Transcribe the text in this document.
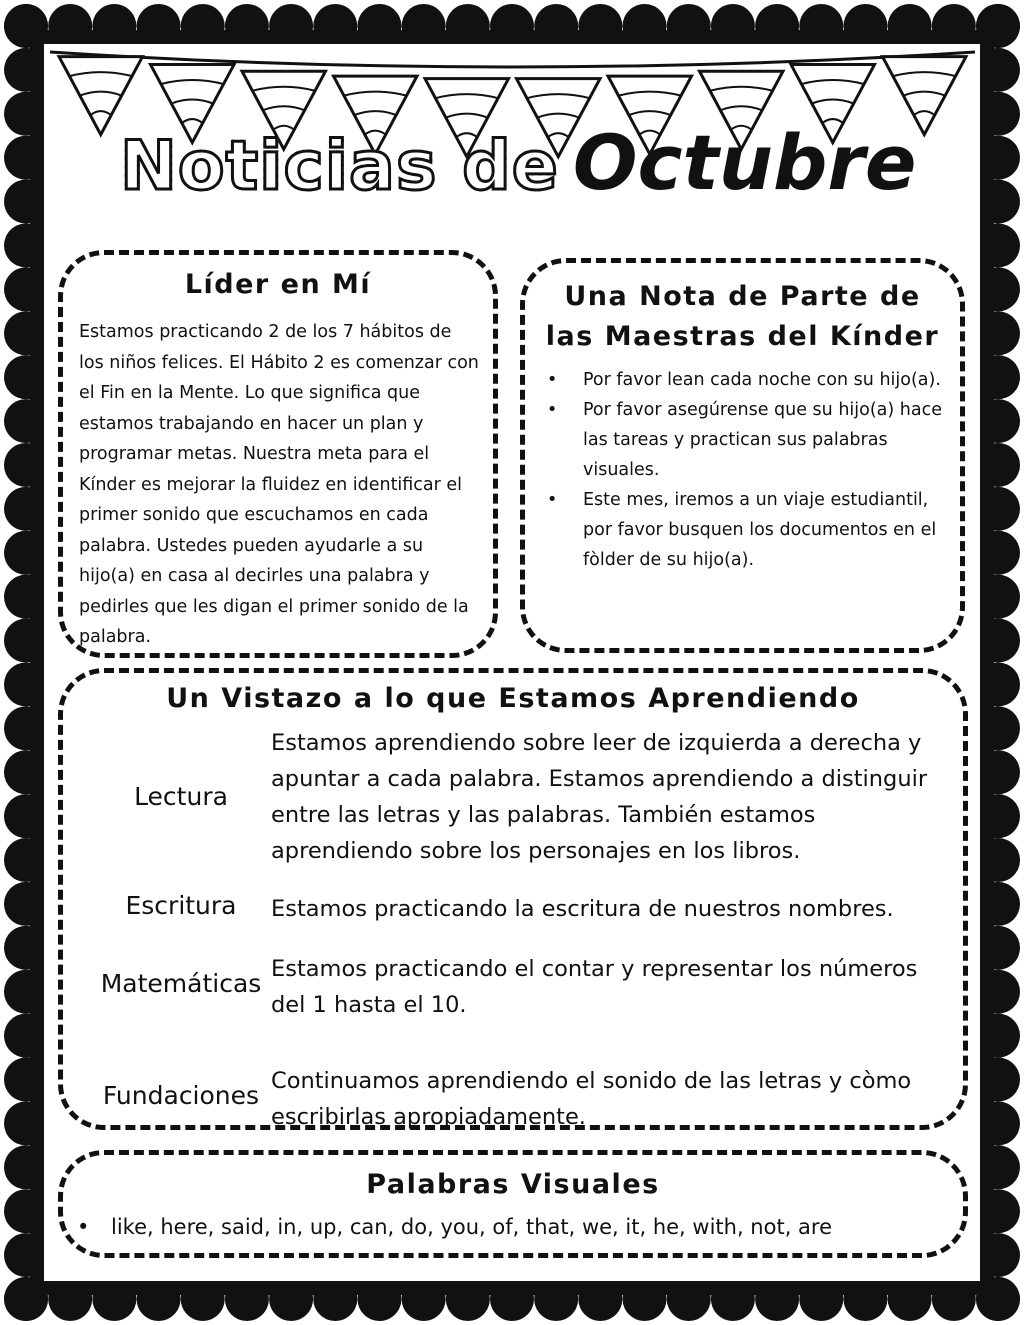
Noticias de Octubre
Líder en Mí
Estamos practicando 2 de los 7 hábitos de los niños felices. El Hábito 2 es comenzar con el Fin en la Mente. Lo que significa que estamos trabajando en hacer un plan y programar metas. Nuestra meta para el Kínder es mejorar la fluidez en identificar el primer sonido que escuchamos en cada palabra. Ustedes pueden ayudarle a su hijo(a) en casa al decirles una palabra y pedirles que les digan el primer sonido de la palabra.
Una Nota de Parte de las Maestras del Kínder
• Por favor lean cada noche con su hijo(a).
• Por favor asegúrense que su hijo(a) hace las tareas y practican sus palabras visuales.
• Este mes, iremos a un viaje estudiantil, por favor busquen los documentos en el fòlder de su hijo(a).
Un Vistazo a lo que Estamos Aprendiendo
Lectura
Estamos aprendiendo sobre leer de izquierda a derecha y apuntar a cada palabra. Estamos aprendiendo a distinguir entre las letras y las palabras. También estamos aprendiendo sobre los personajes en los libros.
Escritura	Estamos practicando la escritura de nuestros nombres.
Matemáticas Estamos practicando el contar y representar los números del 1 hasta el 10.
Fundaciones Continuamos aprendiendo el sonido de las letras y còmo escribirlas apropiadamente.
Palabras Visuales
• like, here, said, in, up, can, do, you, of, that, we, it, he, with, not, are
